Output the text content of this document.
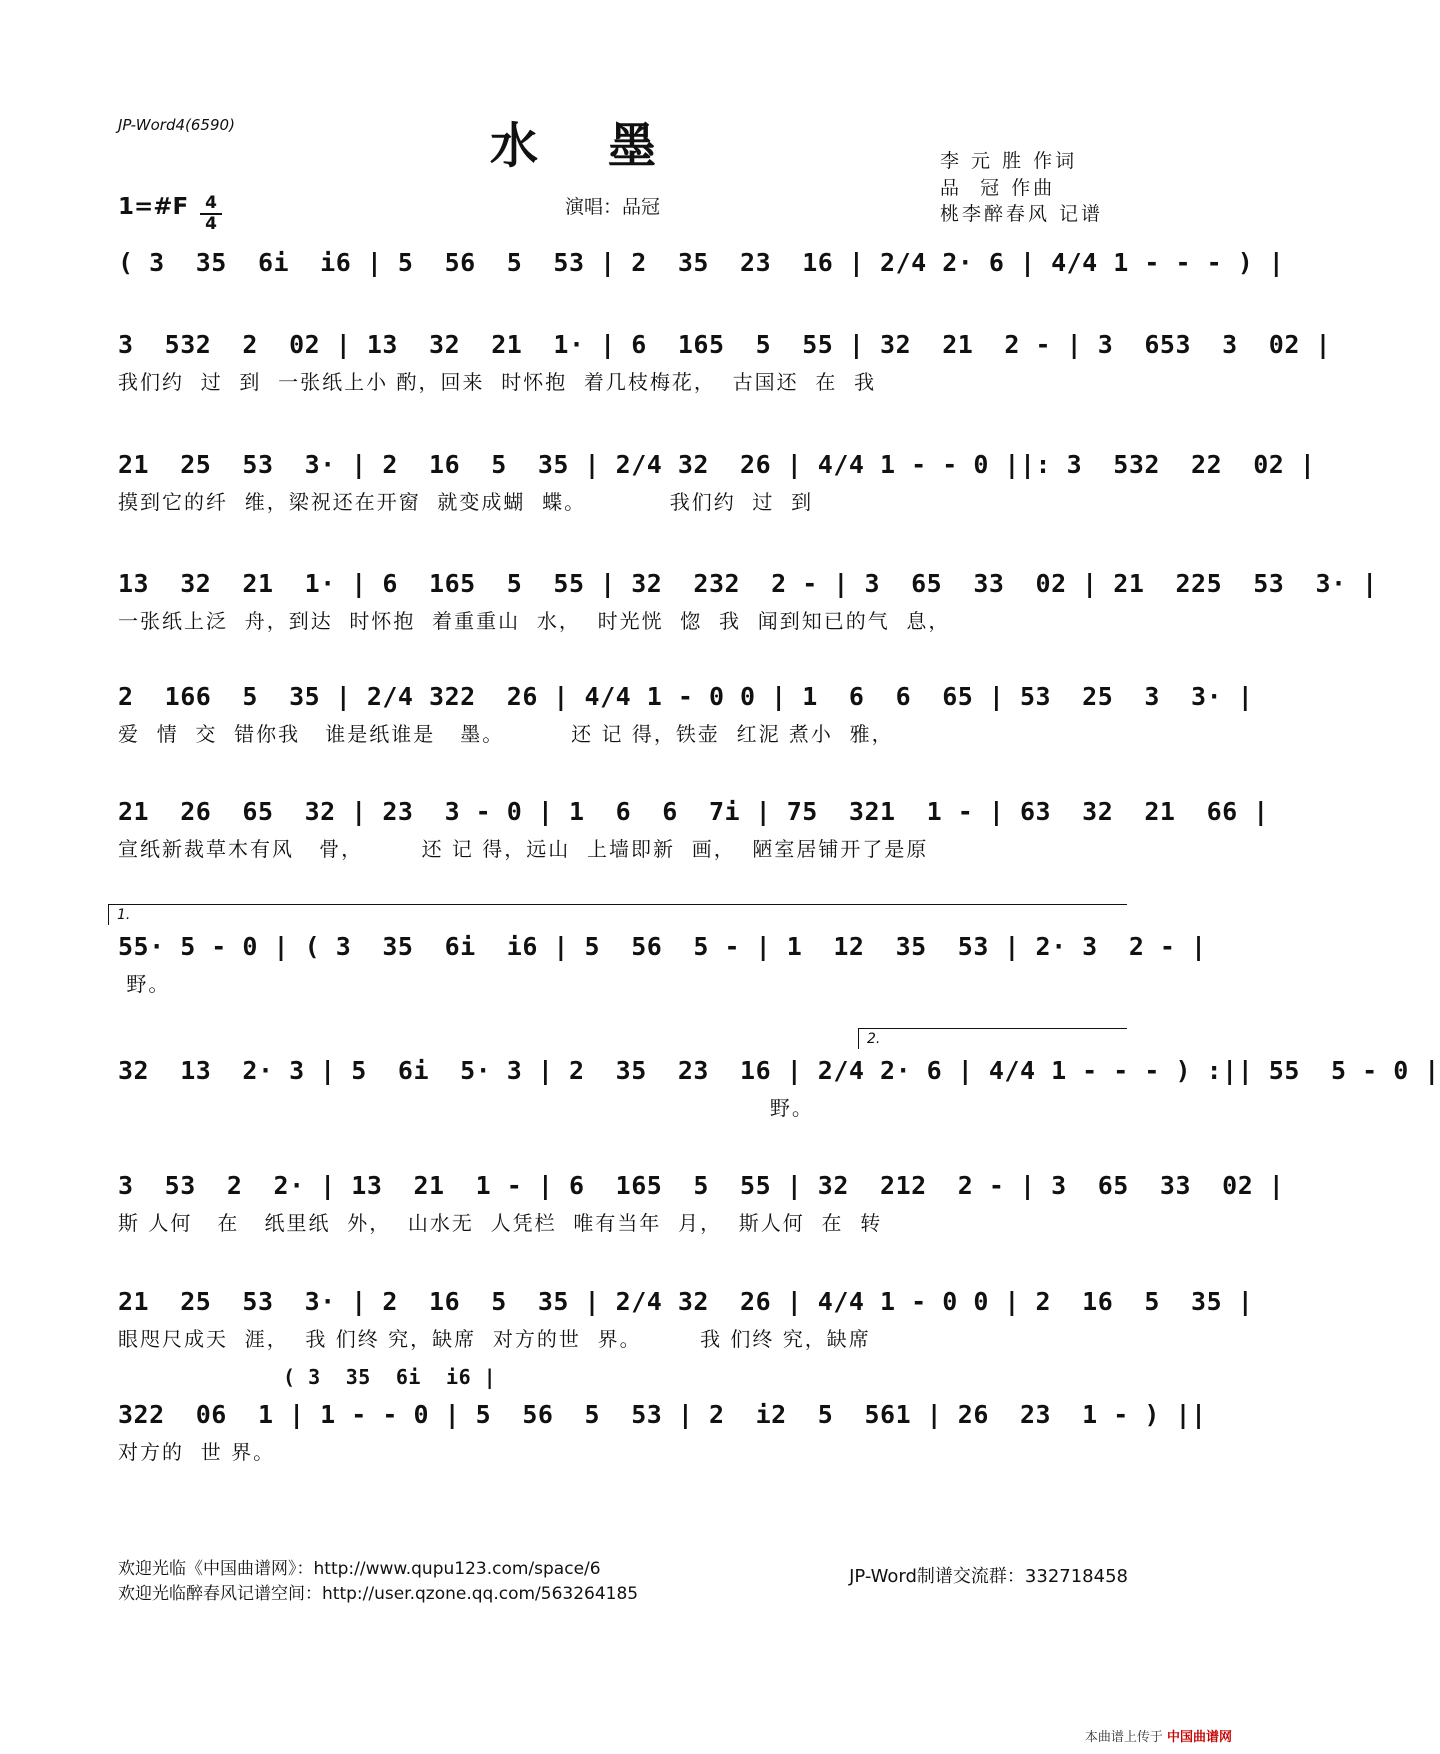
JP-Word4(6590)	水墨	李 元 胜 作词
品  冠 作曲
桃李醉春风 记谱
1=#F 4
4
演唱：品冠
( 3  35  6i  i6 | 5  56  5  53 | 2  35  23  16 | 2/4 2· 6 | 4/4 1 - - - ) |
3  532  2  02 | 13  32  21  1· | 6  165  5  55 | 32  21  2 - | 3  653  3  02 |
我们约  过  到  一张纸上小 酌，回来  时怀抱  着几枝梅花，  古国还  在  我
21  25  53  3· | 2  16  5  35 | 2/4 32  26 | 4/4 1 - - 0 ||: 3  532  22  02 |
摸到它的纤  维，梁祝还在开窗  就变成蝴  蝶。          我们约  过  到
13  32  21  1· | 6  165  5  55 | 32  232  2 - | 3  65  33  02 | 21  225  53  3· |
一张纸上泛  舟，到达  时怀抱  着重重山  水，  时光恍  惚  我  闻到知已的气  息，
2  166  5  35 | 2/4 322  26 | 4/4 1 - 0 0 | 1  6  6  65 | 53  25  3  3· |
爱  情  交  错你我   谁是纸谁是   墨。        还 记 得，铁壶  红泥 煮小  雅，
21  26  65  32 | 23  3 - 0 | 1  6  6  7i | 75  321  1 - | 63  32  21  66 |
宣纸新裁草木有风   骨，       还 记 得，远山  上墙即新  画，  陋室居铺开了是原
1.
55· 5 - 0 | ( 3  35  6i  i6 | 5  56  5 - | 1  12  35  53 | 2· 3  2 - |
野。
2.
32  13  2· 3 | 5  6i  5· 3 | 2  35  23  16 | 2/4 2· 6 | 4/4 1 - - - ) :|| 55  5 - 0 |
野。
3  53  2  2· | 13  21  1 - | 6  165  5  55 | 32  212  2 - | 3  65  33  02 |
斯 人何   在   纸里纸  外，  山水无  人凭栏  唯有当年  月，  斯人何  在  转
21  25  53  3· | 2  16  5  35 | 2/4 32  26 | 4/4 1 - 0 0 | 2  16  5  35 |
眼咫尺成天  涯，  我 们终 究，缺席  对方的世  界。       我 们终 究，缺席
( 3  35  6i  i6 |
322  06  1 | 1 - - 0 | 5  56  5  53 | 2  i2  5  561 | 26  23  1 - ) ||
对方的  世 界。
欢迎光临《中国曲谱网》：http://www.qupu123.com/space/6
欢迎光临醉春风记谱空间：http://user.qzone.qq.com/563264185
JP-Word制谱交流群：332718458
本曲谱上传于 中国曲谱网
